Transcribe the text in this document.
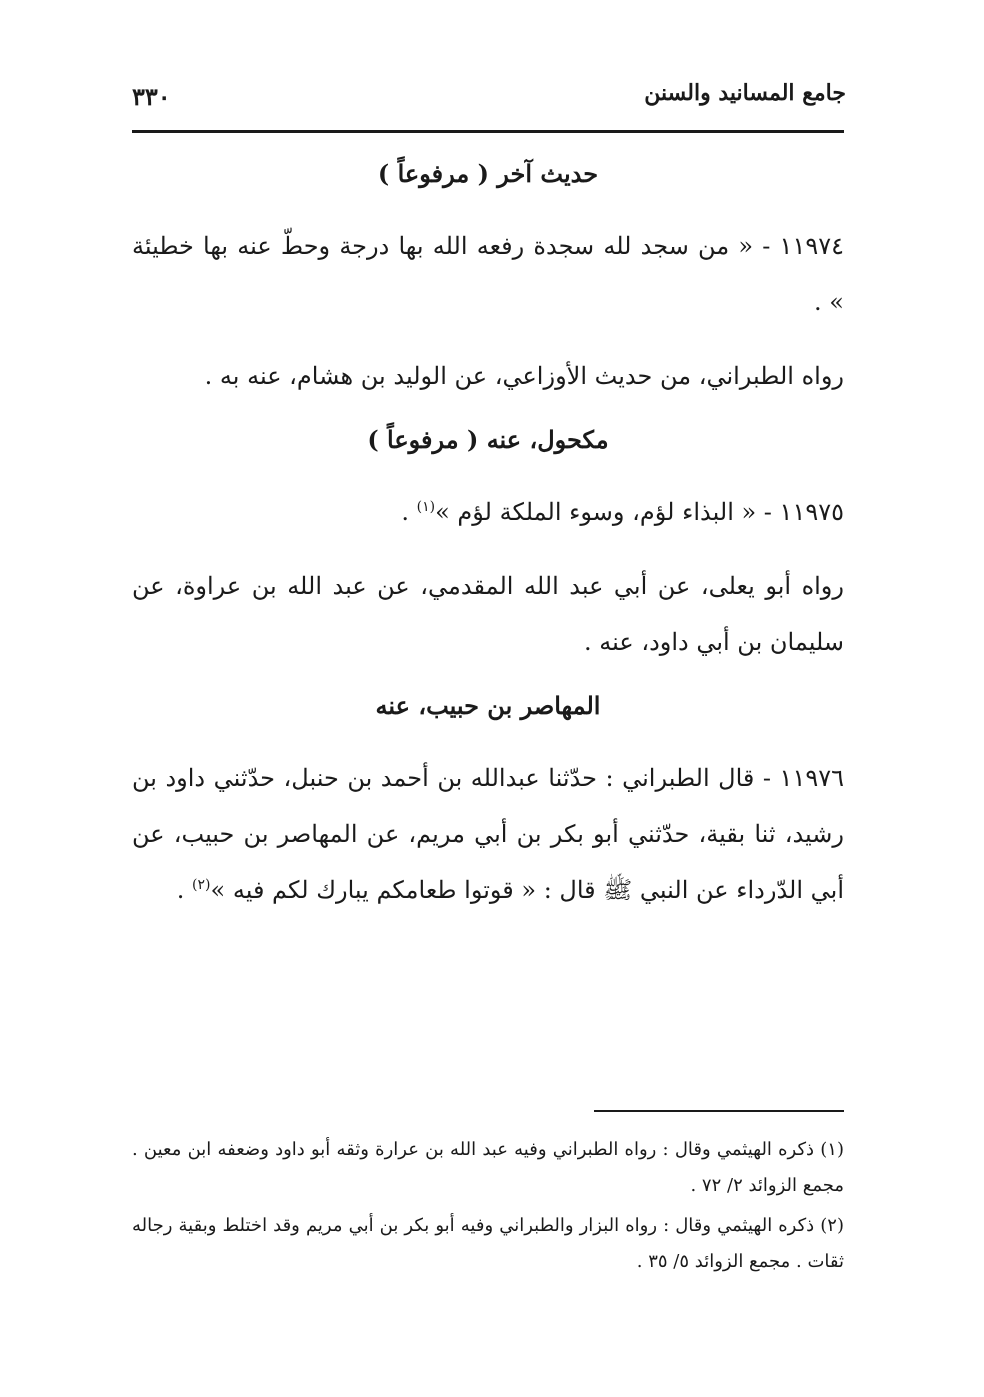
جامع المسانيد والسنن
٣٣٠
حديث آخر ( مرفوعاً )

١١٩٧٤ - « من سجد لله سجدة رفعه الله بها درجة وحطّ عنه بها خطيئة » .

رواه الطبراني، من حديث الأوزاعي، عن الوليد بن هشام، عنه به .

مكحول، عنه ( مرفوعاً )

١١٩٧٥ - « البذاء لؤم، وسوء الملكة لؤم »$^{(١)}$ .

رواه أبو يعلى، عن أبي عبد الله المقدمي، عن عبد الله بن عراوة، عن سليمان بن أبي داود، عنه .

المهاصر بن حبيب، عنه

١١٩٧٦ - قال الطبراني : حدّثنا عبدالله بن أحمد بن حنبل، حدّثني داود بن رشيد، ثنا بقية، حدّثني أبو بكر بن أبي مريم، عن المهاصر بن حبيب، عن أبي الدّرداء عن النبي ﷺ قال : « قوتوا طعامكم يبارك لكم فيه »$^{(٢)}$ .

(١) ذكره الهيثمي وقال : رواه الطبراني وفيه عبد الله بن عرارة وثقه أبو داود وضعفه ابن معين . مجمع الزوائد ٢/ ٧٢ .

(٢) ذكره الهيثمي وقال : رواه البزار والطبراني وفيه أبو بكر بن أبي مريم وقد اختلط وبقية رجاله ثقات . مجمع الزوائد ٥/ ٣٥ .
